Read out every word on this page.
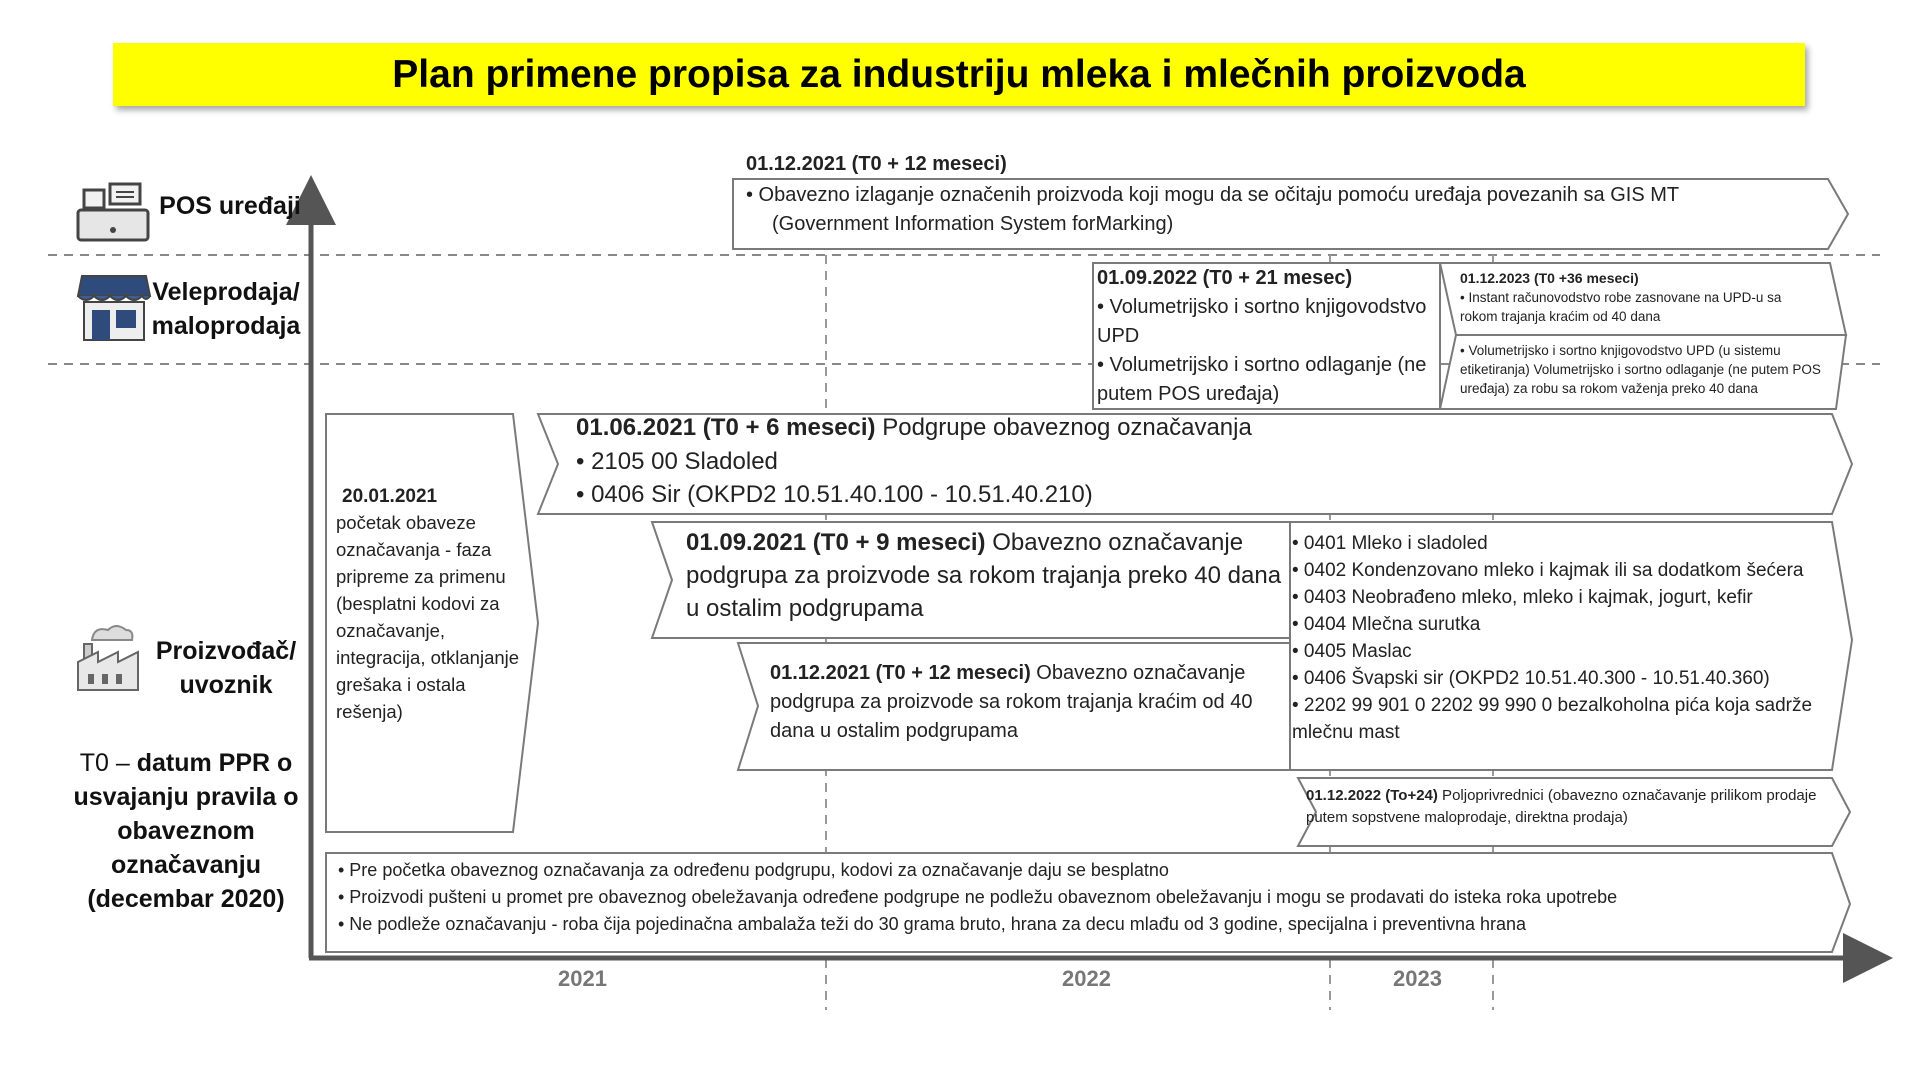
Plan primene propisa za industriju mleka i mlečnih proizvoda
POS uređaji
Veleprodaja/
maloprodaja
Proizvođač/
uvoznik
T0 – datum PPR o usvajanju pravila o obaveznom označavanju (decembar 2020)
01.12.2021 (T0 + 12 meseci)
• Obavezno izlaganje označenih proizvoda koji mogu da se očitaju pomoću uređaja povezanih sa GIS MT
(Government Information System forMarking)
01.09.2022 (T0 + 21 mesec)
• Volumetrijsko i sortno knjigovodstvo UPD
• Volumetrijsko i sortno odlaganje (ne putem POS uređaja)
01.12.2023 (T0 +36 meseci)
• Instant računovodstvo robe zasnovane na UPD-u sa rokom trajanja kraćim od 40 dana
• Volumetrijsko i sortno knjigovodstvo UPD (u sistemu etiketiranja) Volumetrijsko i sortno odlaganje (ne putem POS uređaja) za robu sa rokom važenja preko 40 dana
20.01.2021
početak obaveze označavanja - faza pripreme za primenu (besplatni kodovi za označavanje, integracija, otklanjanje grešaka i ostala rešenja)
01.06.2021 (T0 + 6 meseci) Podgrupe obaveznog označavanja
• 2105 00 Sladoled
• 0406 Sir (OKPD2 10.51.40.100 - 10.51.40.210)
01.09.2021 (T0 + 9 meseci) Obavezno označavanje podgrupa za proizvode sa rokom trajanja preko 40 dana u ostalim podgrupama
• 0401 Mleko i sladoled
• 0402 Kondenzovano mleko i kajmak ili sa dodatkom šećera
• 0403 Neobrađeno mleko, mleko i kajmak, jogurt, kefir
• 0404 Mlečna surutka
• 0405 Maslac
• 0406 Švapski sir (OKPD2 10.51.40.300 - 10.51.40.360)
• 2202 99 901 0 2202 99 990 0 bezalkoholna pića koja sadrže mlečnu mast
01.12.2021 (T0 + 12 meseci) Obavezno označavanje podgrupa za proizvode sa rokom trajanja kraćim od 40 dana u ostalim podgrupama
01.12.2022 (To+24) Poljoprivrednici (obavezno označavanje prilikom prodaje putem sopstvene maloprodaje, direktna prodaja)
• Pre početka obaveznog označavanja za određenu podgrupu, kodovi za označavanje daju se besplatno
• Proizvodi pušteni u promet pre obaveznog obeležavanja određene podgrupe ne podležu obaveznom obeležavanju i mogu se prodavati do isteka roka upotrebe
• Ne podleže označavanju - roba čija pojedinačna ambalaža teži do 30 grama bruto, hrana za decu mlađu od 3 godine, specijalna i preventivna hrana
2021	2022	2023
